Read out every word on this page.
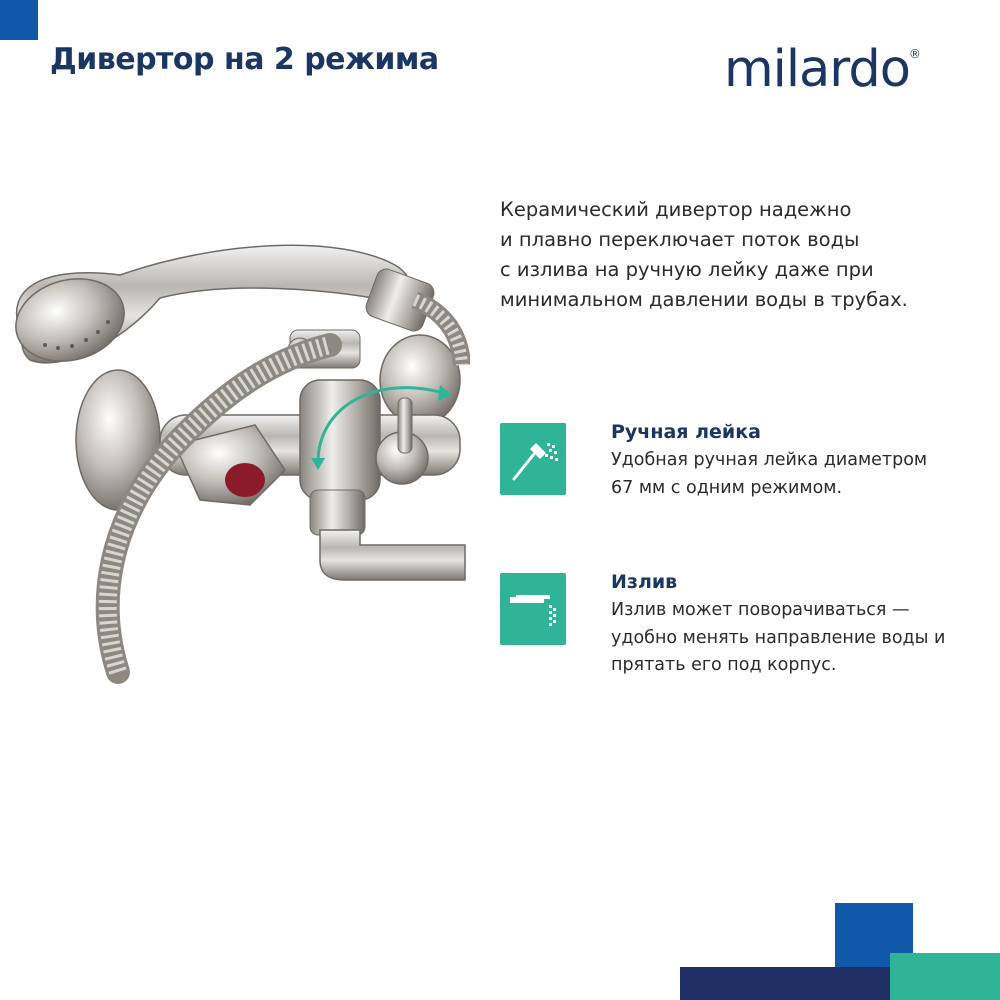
Дивертор на 2 режима	milardo ®

Керамический дивертор надежно
и плавно переключает поток воды
с излива на ручную лейку даже при
минимальном давлении воды в трубах.

Ручная лейка

Удобная ручная лейка диаметром
67 мм с одним режимом.

Излив

Излив может поворачиваться —
удобно менять направление воды и
прятать его под корпус.
